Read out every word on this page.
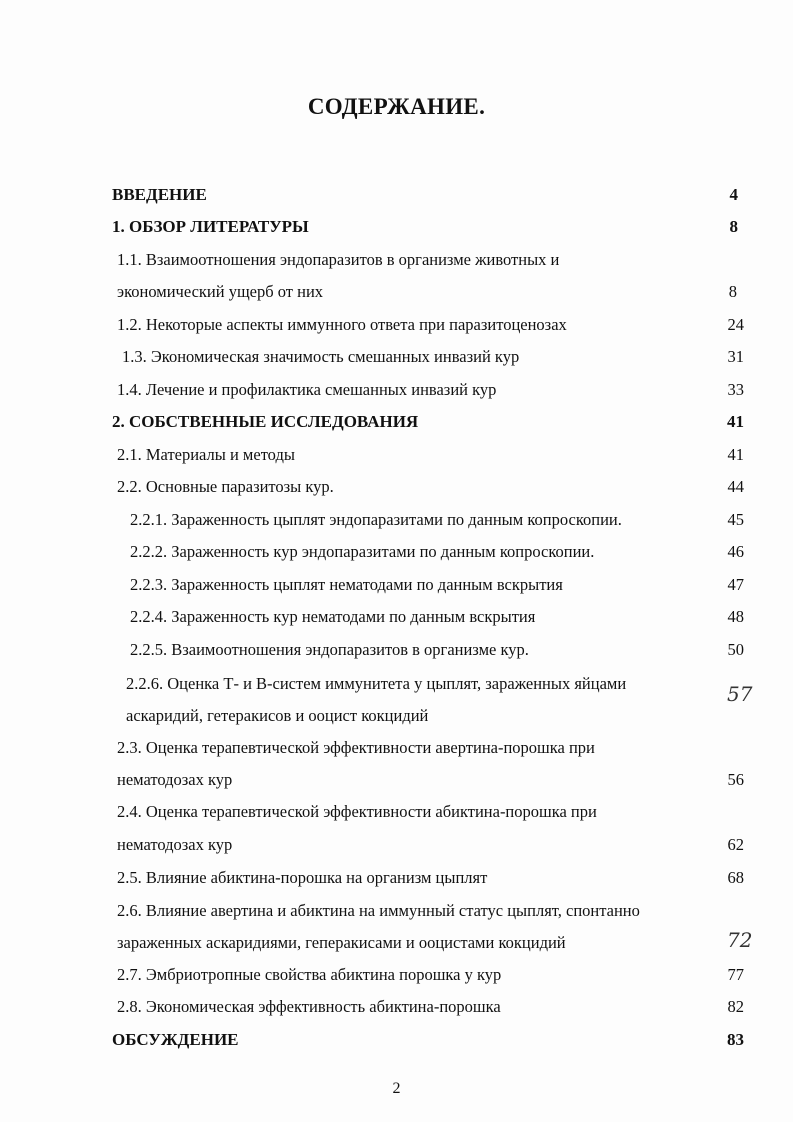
СОДЕРЖАНИЕ.
ВВЕДЕНИЕ	4
1. ОБЗОР ЛИТЕРАТУРЫ	8
1.1. Взаимоотношения эндопаразитов в организме животных и
экономический ущерб от них	8
1.2. Некоторые аспекты иммунного ответа при паразитоценозах	24
1.3. Экономическая значимость смешанных инвазий кур	31
1.4. Лечение и профилактика смешанных инвазий кур	33
2. СОБСТВЕННЫЕ ИССЛЕДОВАНИЯ	41
2.1. Материалы и методы	41
2.2. Основные паразитозы кур.	44
2.2.1. Зараженность цыплят эндопаразитами по данным копроскопии.	45
2.2.2. Зараженность кур эндопаразитами по данным копроскопии.	46
2.2.3. Зараженность цыплят нематодами по данным вскрытия	47
2.2.4. Зараженность кур нематодами по данным вскрытия	48
2.2.5. Взаимоотношения эндопаразитов в организме кур.	50
2.2.6. Оценка Т- и В-систем иммунитета у цыплят, зараженных яйцами	57
аскаридий, гетеракисов и ооцист кокцидий
2.3. Оценка терапевтической эффективности авертина-порошка при
нематодозах кур	56
2.4. Оценка терапевтической эффективности абиктина-порошка при
нематодозах кур	62
2.5. Влияние абиктина-порошка на организм цыплят	68
2.6. Влияние авертина и абиктина на иммунный статус цыплят, спонтанно
зараженных аскаридиями, гепеpакисами и ооцистами кокцидий	72
2.7. Эмбриотропные свойства абиктина порошка у кур	77
2.8. Экономическая эффективность абиктина-порошка	82
ОБСУЖДЕНИЕ	83
2
